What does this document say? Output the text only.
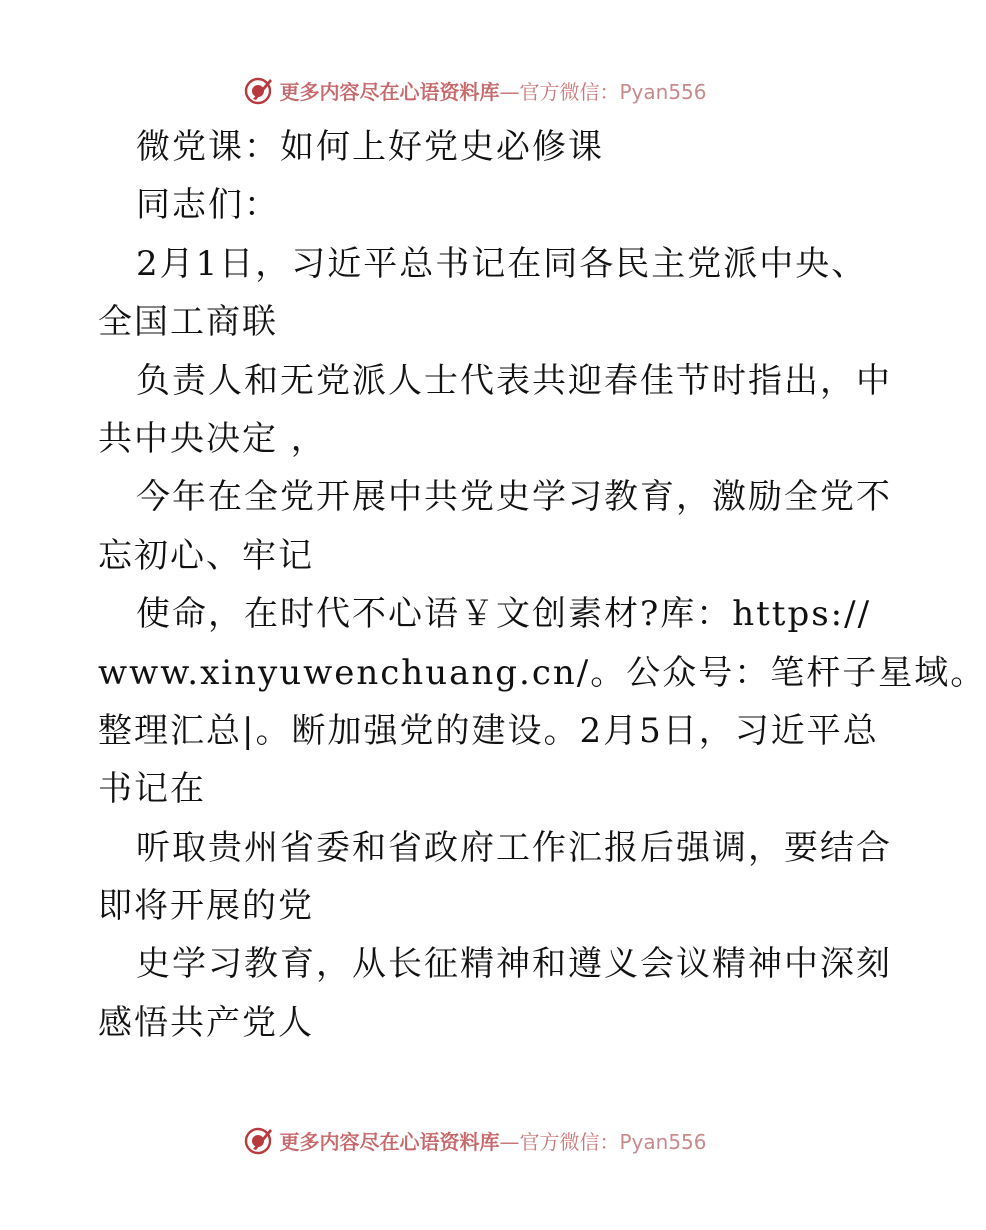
更多内容尽在心语资料库—官方微信：Pyan556
微党课：如何上好党史必修课
同志们：
2月1日，习近平总书记在同各民主党派中央、
全国工商联
负责人和无党派人士代表共迎春佳节时指出，中
共中央决定 ，
今年在全党开展中共党史学习教育，激励全党不
忘初心、牢记
使命，在时代不心语￥文创素材?库：https://
www.xinyuwenchuang.cn/。公众号：笔杆子星域。
整理汇总|。断加强党的建设。2月5日，习近平总
书记在
听取贵州省委和省政府工作汇报后强调，要结合
即将开展的党
史学习教育，从长征精神和遵义会议精神中深刻
感悟共产党人
更多内容尽在心语资料库—官方微信：Pyan556
